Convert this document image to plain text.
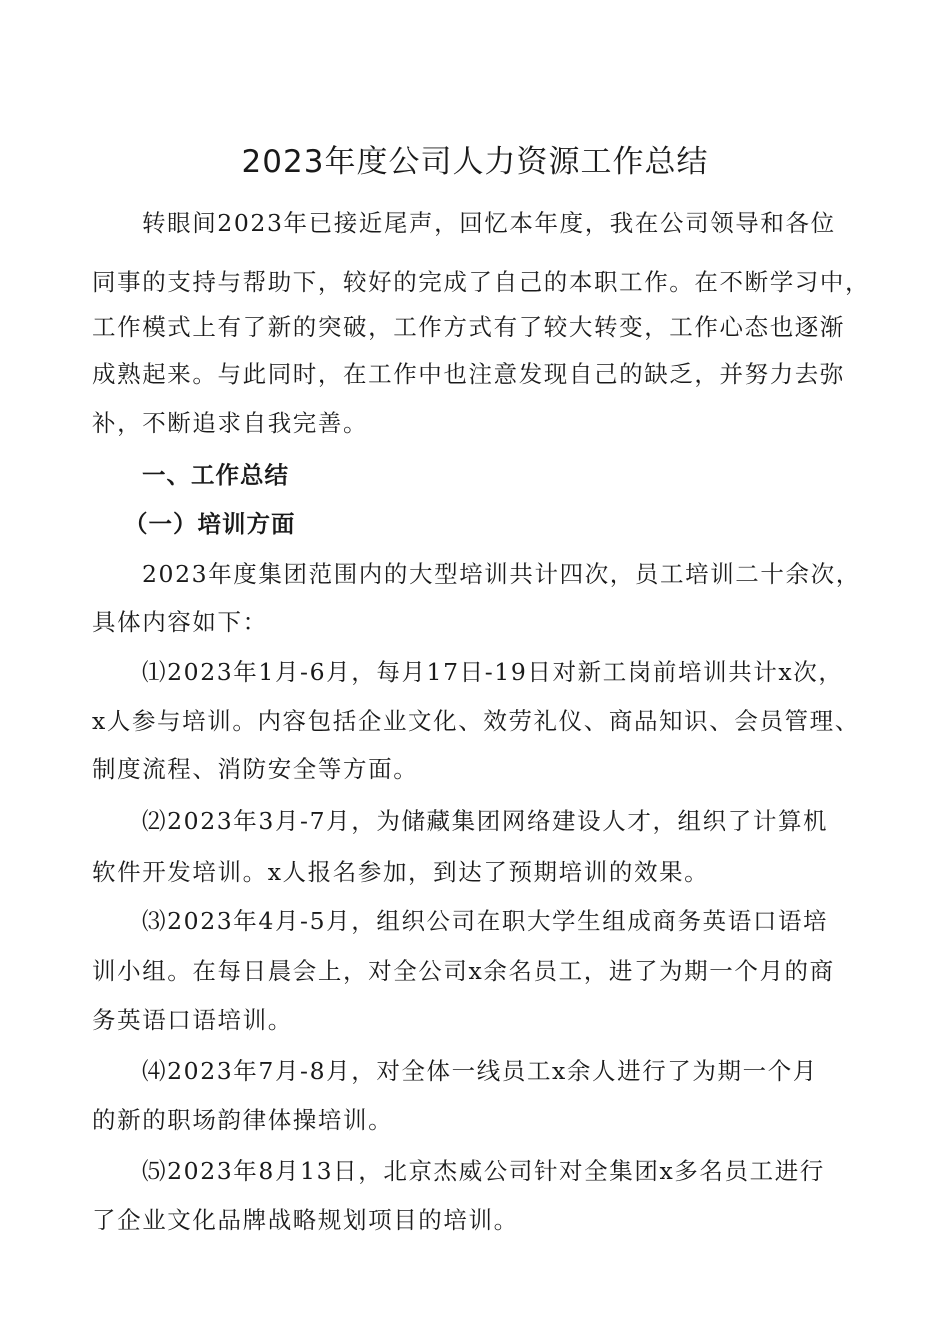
2023年度公司人力资源工作总结
转眼间2023年已接近尾声，回忆本年度，我在公司领导和各位
同事的支持与帮助下，较好的完成了自己的本职工作。在不断学习中，
工作模式上有了新的突破，工作方式有了较大转变，工作心态也逐渐
成熟起来。与此同时，在工作中也注意发现自己的缺乏，并努力去弥
补，不断追求自我完善。
一、工作总结
（一）培训方面
2023年度集团范围内的大型培训共计四次，员工培训二十余次，
具体内容如下：
⑴2023年1月-6月，每月17日-19日对新工岗前培训共计x次，
x人参与培训。内容包括企业文化、效劳礼仪、商品知识、会员管理、
制度流程、消防安全等方面。
⑵2023年3月-7月，为储藏集团网络建设人才，组织了计算机
软件开发培训。x人报名参加，到达了预期培训的效果。
⑶2023年4月-5月，组织公司在职大学生组成商务英语口语培
训小组。在每日晨会上，对全公司x余名员工，进了为期一个月的商
务英语口语培训。
⑷2023年7月-8月，对全体一线员工x余人进行了为期一个月
的新的职场韵律体操培训。
⑸2023年8月13日，北京杰威公司针对全集团x多名员工进行
了企业文化品牌战略规划项目的培训。
